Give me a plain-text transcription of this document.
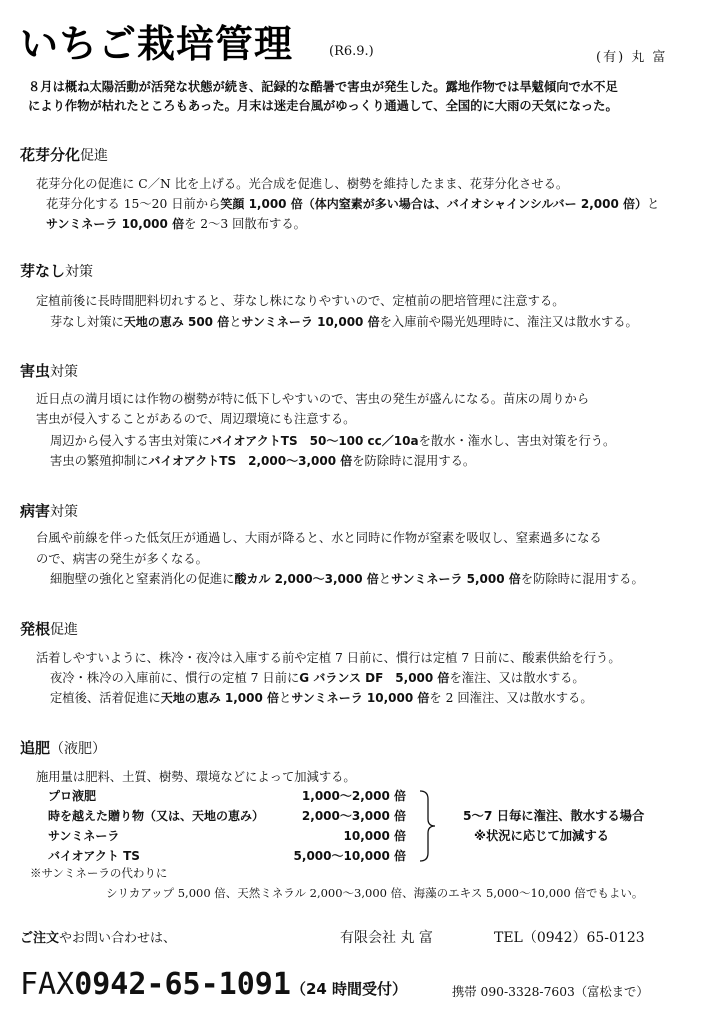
いちご栽培管理	(R6.9.)	(有) 丸 富
８月は概ね太陽活動が活発な状態が続き、記録的な酷暑で害虫が発生した。露地作物では旱魃傾向で水不足
により作物が枯れたところもあった。月末は迷走台風がゆっくり通過して、全国的に大雨の天気になった。
花芽分化促進
花芽分化の促進に C／N 比を上げる。光合成を促進し、樹勢を維持したまま、花芽分化させる。
花芽分化する 15～20 日前から笑顔 1,000 倍（体内窒素が多い場合は、バイオシャインシルバー 2,000 倍）と
サンミネーラ 10,000 倍を 2～3 回散布する。
芽なし対策
定植前後に長時間肥料切れすると、芽なし株になりやすいので、定植前の肥培管理に注意する。
芽なし対策に天地の恵み 500 倍とサンミネーラ 10,000 倍を入庫前や陽光処理時に、潅注又は散水する。
害虫対策
近日点の満月頃には作物の樹勢が特に低下しやすいので、害虫の発生が盛んになる。苗床の周りから
害虫が侵入することがあるので、周辺環境にも注意する。
周辺から侵入する害虫対策にバイオアクトTS　50～100 cc／10aを散水・潅水し、害虫対策を行う。
害虫の繁殖抑制にバイオアクトTS　2,000～3,000 倍を防除時に混用する。
病害対策
台風や前線を伴った低気圧が通過し、大雨が降ると、水と同時に作物が窒素を吸収し、窒素過多になる
ので、病害の発生が多くなる。
細胞壁の強化と窒素消化の促進に酸カル 2,000～3,000 倍とサンミネーラ 5,000 倍を防除時に混用する。
発根促進
活着しやすいように、株冷・夜冷は入庫する前や定植 7 日前に、慣行は定植 7 日前に、酸素供給を行う。
夜冷・株冷の入庫前に、慣行の定植 7 日前にG バランス DF　5,000 倍を潅注、又は散水する。
定植後、活着促進に天地の恵み 1,000 倍とサンミネーラ 10,000 倍を 2 回潅注、又は散水する。
追肥（液肥）
施用量は肥料、土質、樹勢、環境などによって加減する。
プロ液肥	1,000～2,000 倍
時を越えた贈り物（又は、天地の恵み）	2,000～3,000 倍
サンミネーラ	10,000 倍
バイオアクト TS	5,000～10,000 倍
5～7 日毎に潅注、散水する場合
※状況に応じて加減する
※サンミネーラの代わりに
シリカアップ 5,000 倍、天然ミネラル 2,000～3,000 倍、海藻のエキス 5,000～10,000 倍でもよい。
ご注文やお問い合わせは、	有限会社 丸 富	TEL（0942）65-0123
FAX0942-65-1091（24 時間受付）	携帯 090-3328-7603（富松まで）
